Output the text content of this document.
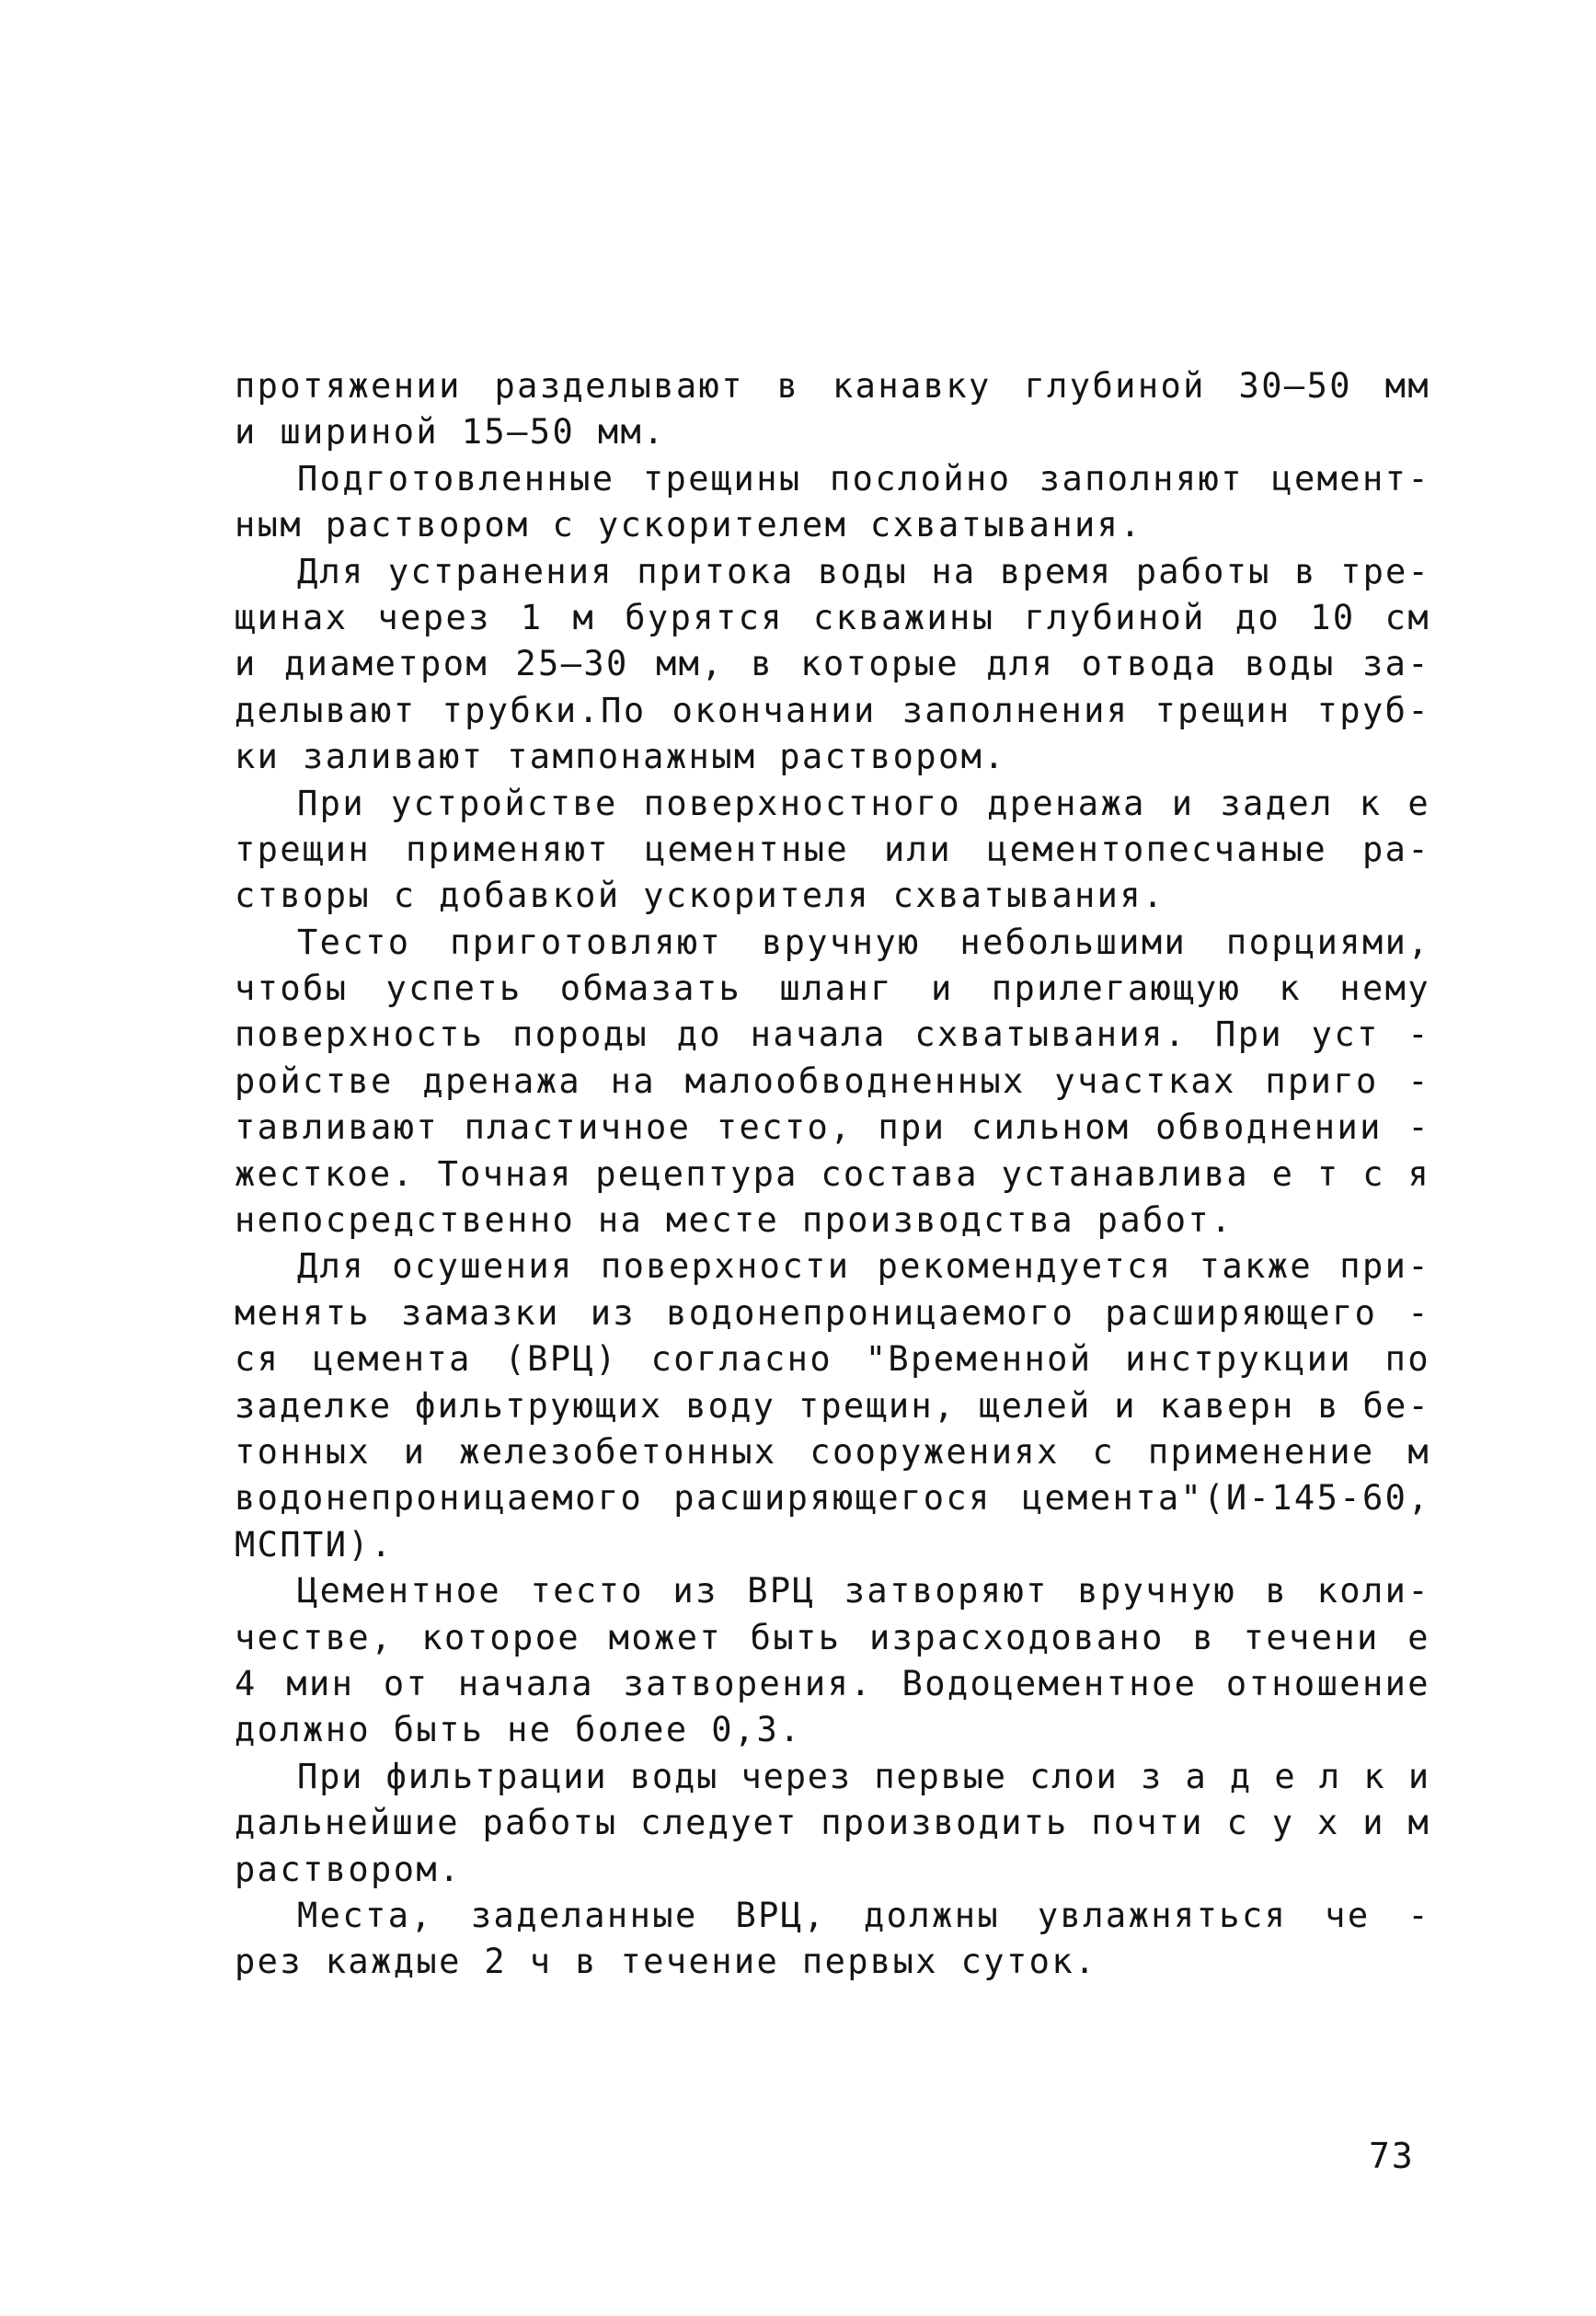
протяжении разделывают в канавку глубиной 30–50 мм
и шириной 15–50 мм.
Подготовленные трещины послойно заполняют цемент-
ным раствором с ускорителем схватывания.
Для устранения притока воды на время работы в тре-
щинах через 1 м бурятся скважины глубиной до 10 см
и диаметром 25–30 мм, в которые для отвода воды за-
делывают трубки.По окончании заполнения трещин труб-
ки заливают тампонажным раствором.
При устройстве поверхностного дренажа и задел к е
трещин применяют цементные или цементопесчаные ра-
створы с добавкой ускорителя схватывания.
Тесто приготовляют вручную небольшими порциями,
чтобы успеть обмазать шланг и прилегающую к нему
поверхность породы до начала схватывания. При уст -
ройстве дренажа на малообводненных участках приго -
тавливают пластичное тесто, при сильном обводнении -
жесткое. Точная рецептура состава устанавлива е т с я
непосредственно на месте производства работ.
Для осушения поверхности рекомендуется также при-
менять замазки из водонепроницаемого расширяющего -
ся цемента (ВРЦ) согласно "Временной инструкции по
заделке фильтрующих воду трещин, щелей и каверн в бе-
тонных и железобетонных сооружениях с применение м
водонепроницаемого расширяющегося цемента"(И-145-60,
МСПТИ).
Цементное тесто из ВРЦ затворяют вручную в коли-
честве, которое может быть израсходовано в течени е
4 мин от начала затворения. Водоцементное отношение
должно быть не более 0,3.
При фильтрации воды через первые слои з а д е л к и
дальнейшие работы следует производить почти с у х и м
раствором.
Места, заделанные ВРЦ, должны увлажняться че -
рез каждые 2 ч в течение первых суток.
73
